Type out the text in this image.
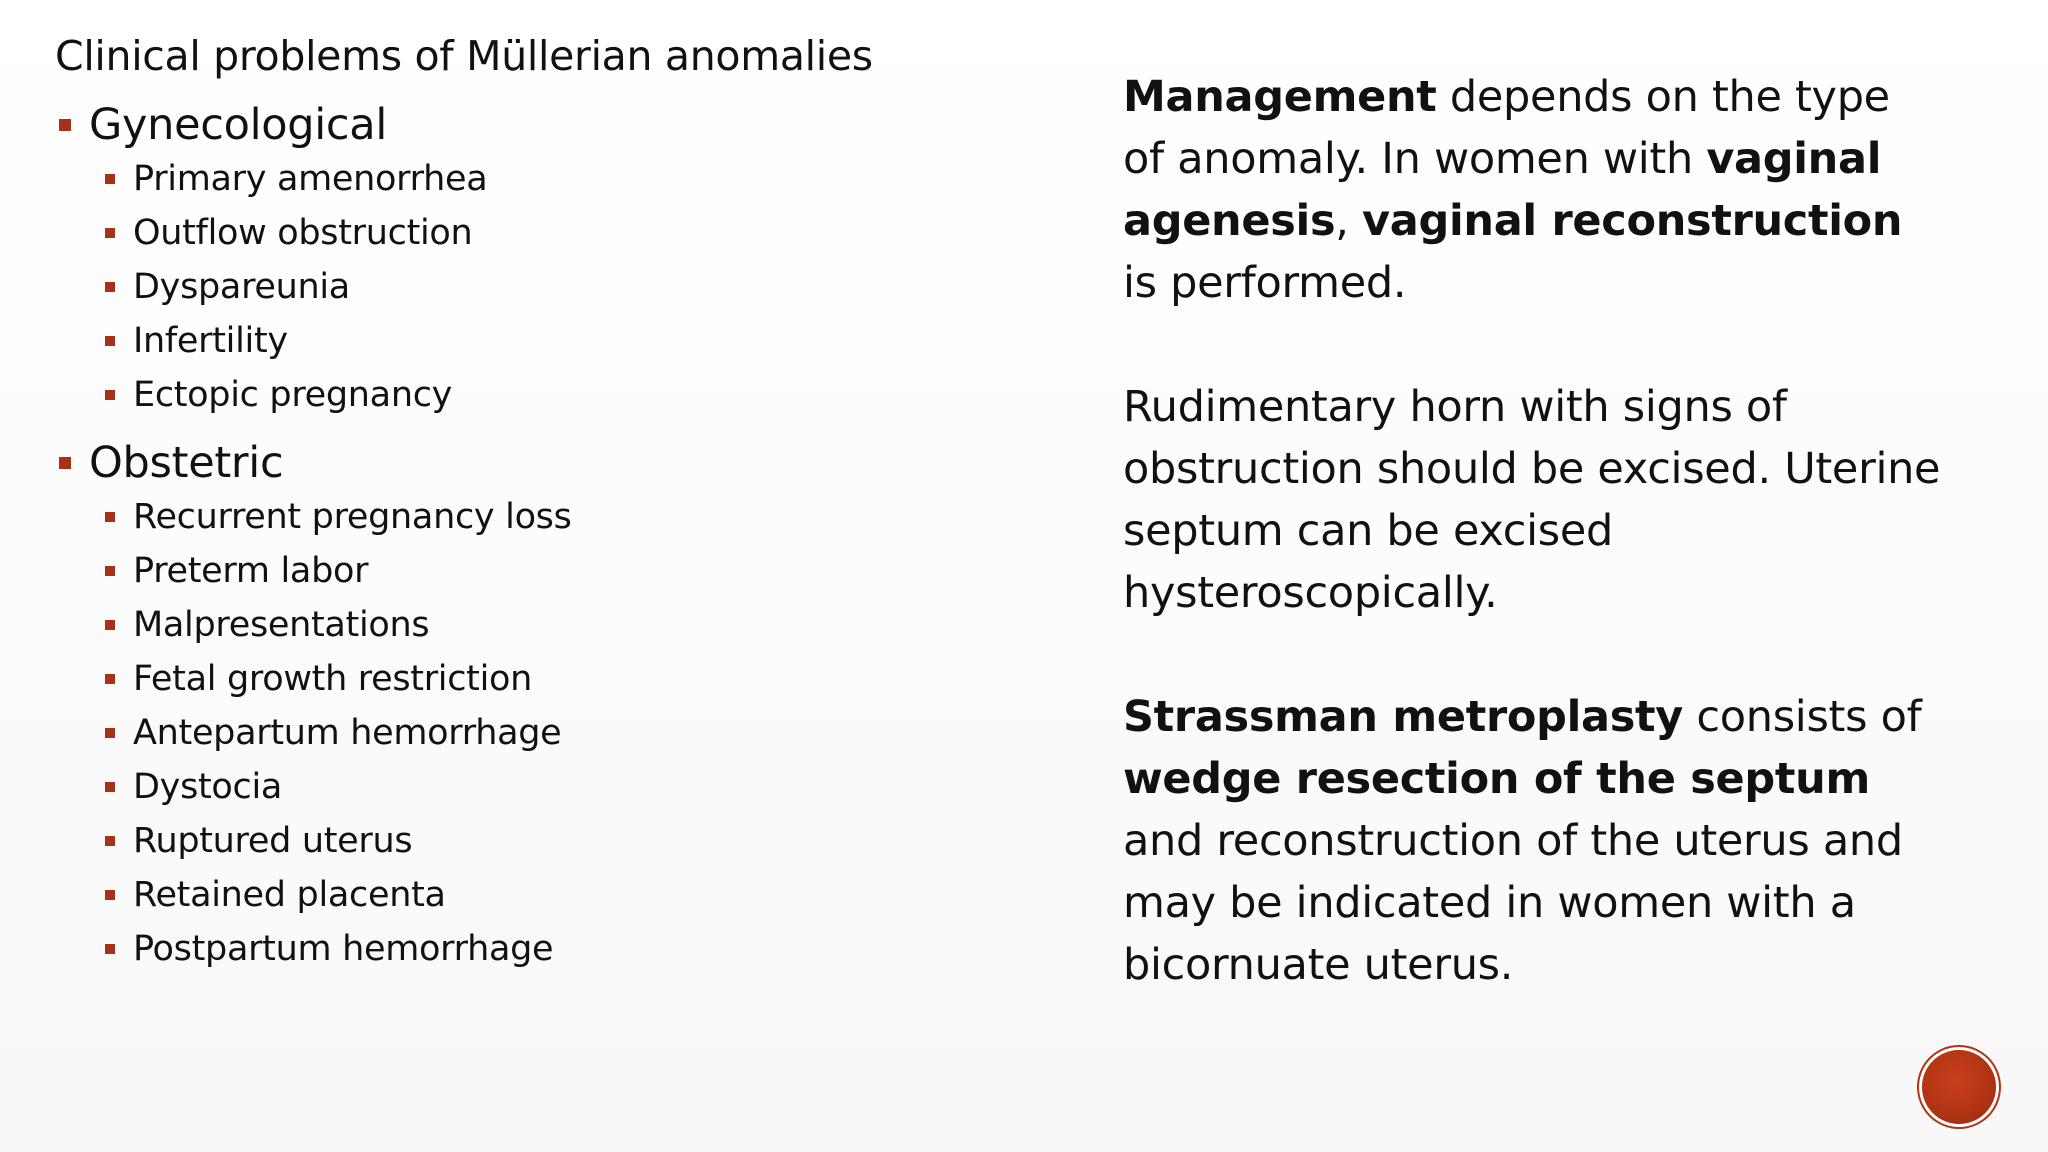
Clinical problems of Müllerian anomalies
Gynecological
Primary amenorrhea
Outflow obstruction
Dyspareunia
Infertility
Ectopic pregnancy
Obstetric
Recurrent pregnancy loss
Preterm labor
Malpresentations
Fetal growth restriction
Antepartum hemorrhage
Dystocia
Ruptured uterus
Retained placenta
Postpartum hemorrhage

Management depends on the type of anomaly. In women with vaginal agenesis, vaginal reconstruction is performed.

Rudimentary horn with signs of obstruction should be excised. Uterine septum can be excised hysteroscopically.

Strassman metroplasty consists of wedge resection of the septum and reconstruction of the uterus and may be indicated in women with a bicornuate uterus.
